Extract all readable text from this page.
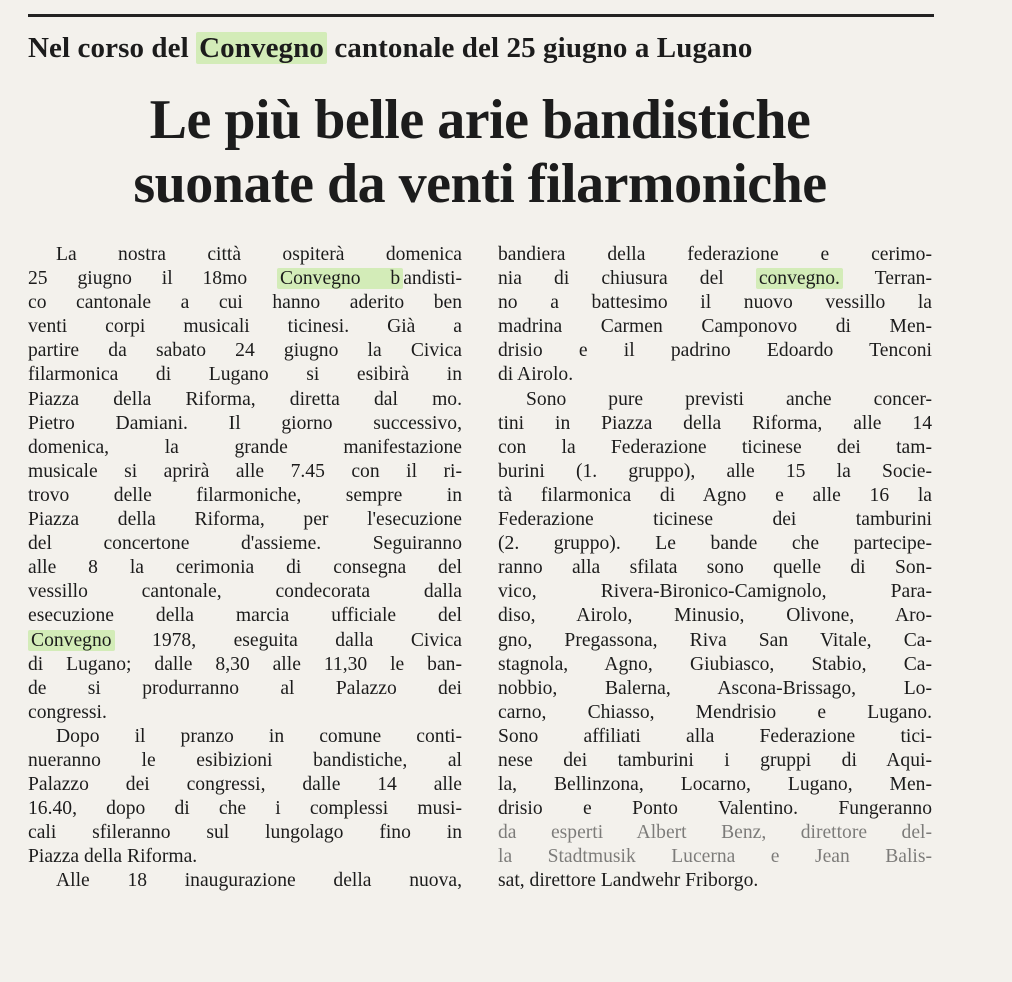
Nel corso del Convegno cantonale del 25 giugno a Lugano
Le più belle arie bandistiche
suonate da venti filarmoniche
La nostra città ospiterà domenica
25 giugno il 18mo Convegno b andisti-
co cantonale a cui hanno aderito ben
venti corpi musicali ticinesi. Già a
partire da sabato 24 giugno la Civica
filarmonica di Lugano si esibirà in
Piazza della Riforma, diretta dal mo.
Pietro Damiani. Il giorno successivo,
domenica, la grande manifestazione
musicale si aprirà alle 7.45 con il ri-
trovo delle filarmoniche, sempre in
Piazza della Riforma, per l'esecuzione
del concertone d'assieme. Seguiranno
alle 8 la cerimonia di consegna del
vessillo cantonale, condecorata dalla
esecuzione della marcia ufficiale del
Convegno 1978, eseguita dalla Civica
di Lugano; dalle 8,30 alle 11,30 le ban-
de si produrranno al Palazzo dei
congressi.
Dopo il pranzo in comune conti-
nueranno le esibizioni bandistiche, al
Palazzo dei congressi, dalle 14 alle
16.40, dopo di che i complessi musi-
cali sfileranno sul lungolago fino in
Piazza della Riforma.
Alle 18 inaugurazione della nuova,
bandiera della federazione e cerimo-
nia di chiusura del convegno. Terran-
no a battesimo il nuovo vessillo la
madrina Carmen Camponovo di Men-
drisio e il padrino Edoardo Tenconi
di Airolo.
Sono pure previsti anche concer-
tini in Piazza della Riforma, alle 14
con la Federazione ticinese dei tam-
burini (1. gruppo), alle 15 la Socie-
tà filarmonica di Agno e alle 16 la
Federazione ticinese dei tamburini
(2. gruppo). Le bande che partecipe-
ranno alla sfilata sono quelle di Son-
vico, Rivera-Bironico-Camignolo, Para-
diso, Airolo, Minusio, Olivone, Aro-
gno, Pregassona, Riva San Vitale, Ca-
stagnola, Agno, Giubiasco, Stabio, Ca-
nobbio, Balerna, Ascona-Brissago, Lo-
carno, Chiasso, Mendrisio e Lugano.
Sono affiliati alla Federazione tici-
nese dei tamburini i gruppi di Aqui-
la, Bellinzona, Locarno, Lugano, Men-
drisio e Ponto Valentino. Fungeranno
da esperti Albert Benz, direttore del-
la Stadtmusik Lucerna e Jean Balis-
sat, direttore Landwehr Friborgo.
